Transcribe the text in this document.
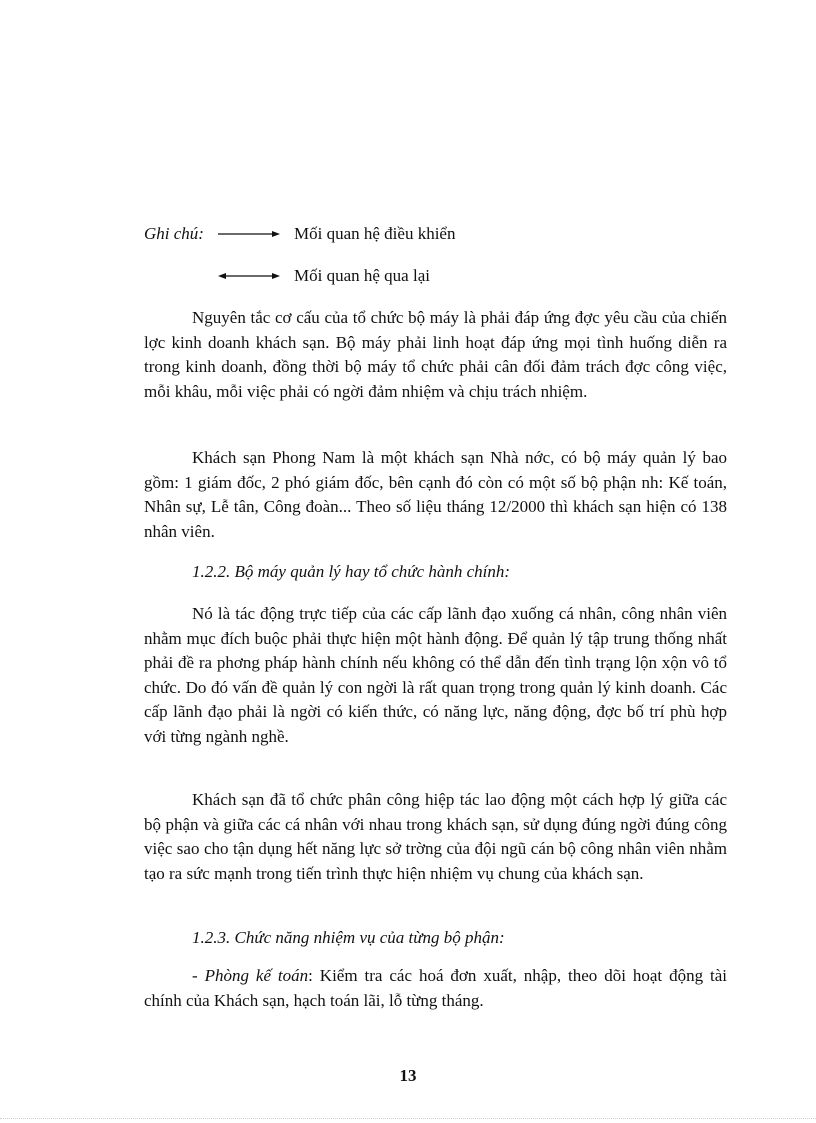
Ghi chú:	Mối quan hệ điều khiển
Mối quan hệ qua lại

Nguyên tắc cơ cấu của tổ chức bộ máy là phải đáp ứng đợc yêu cầu của chiến lợc kinh doanh khách sạn. Bộ máy phải linh hoạt đáp ứng mọi tình huống diễn ra trong kinh doanh, đồng thời bộ máy tổ chức phải cân đối đảm trách đợc công việc, mỗi khâu, mỗi việc phải có ngời đảm nhiệm và chịu trách nhiệm.

Khách sạn Phong Nam là một khách sạn Nhà nớc, có bộ máy quản lý bao gồm: 1 giám đốc, 2 phó giám đốc, bên cạnh đó còn có một số bộ phận nh: Kế toán, Nhân sự, Lễ tân, Công đoàn... Theo số liệu tháng 12/2000 thì khách sạn hiện có 138 nhân viên.

1.2.2. Bộ máy quản lý hay tổ chức hành chính:

Nó là tác động trực tiếp của các cấp lãnh đạo xuống cá nhân, công nhân viên nhằm mục đích buộc phải thực hiện một hành động. Để quản lý tập trung thống nhất phải đề ra phơng pháp hành chính nếu không có thể dẫn đến tình trạng lộn xộn vô tổ chức. Do đó vấn đề quản lý con ngời là rất quan trọng trong quản lý kinh doanh. Các cấp lãnh đạo phải là ngời có kiến thức, có năng lực, năng động, đợc bố trí phù hợp với từng ngành nghề.

Khách sạn đã tổ chức phân công hiệp tác lao động một cách hợp lý giữa các bộ phận và giữa các cá nhân với nhau trong khách sạn, sử dụng đúng ngời đúng công việc sao cho tận dụng hết năng lực sở trờng của đội ngũ cán bộ công nhân viên nhằm tạo ra sức mạnh trong tiến trình thực hiện nhiệm vụ chung của khách sạn.

1.2.3. Chức năng nhiệm vụ của từng bộ phận:

- Phòng kế toán: Kiểm tra các hoá đơn xuất, nhập, theo dõi hoạt động tài chính của Khách sạn, hạch toán lãi, lỗ từng tháng.

13
